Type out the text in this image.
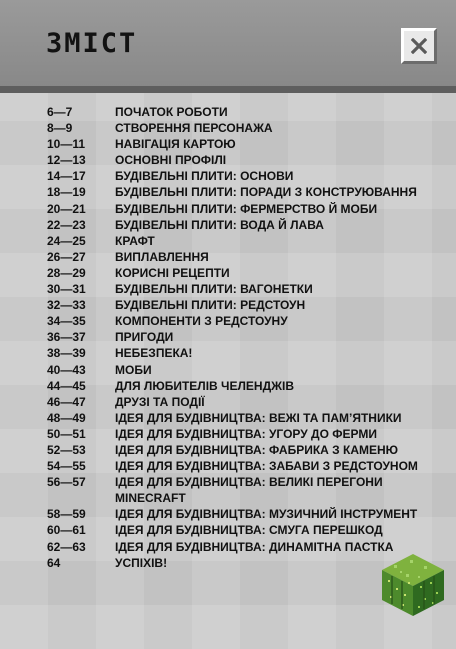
ЗМІСТ
6—7	ПОЧАТОК РОБОТИ
8—9	СТВОРЕННЯ ПЕРСОНАЖА
10—11	НАВІГАЦІЯ КАРТОЮ
12—13	ОСНОВНІ ПРОФІЛІ
14—17	БУДІВЕЛЬНІ ПЛИТИ: ОСНОВИ
18—19	БУДІВЕЛЬНІ ПЛИТИ: ПОРАДИ З КОНСТРУЮВАННЯ
20—21	БУДІВЕЛЬНІ ПЛИТИ: ФЕРМЕРСТВО Й МОБИ
22—23	БУДІВЕЛЬНІ ПЛИТИ: ВОДА Й ЛАВА
24—25	КРАФТ
26—27	ВИПЛАВЛЕННЯ
28—29	КОРИСНІ РЕЦЕПТИ
30—31	БУДІВЕЛЬНІ ПЛИТИ: ВАГОНЕТКИ
32—33	БУДІВЕЛЬНІ ПЛИТИ: РЕДСТОУН
34—35	КОМПОНЕНТИ З РЕДСТОУНУ
36—37	ПРИГОДИ
38—39	НЕБЕЗПЕКА!
40—43	МОБИ
44—45	ДЛЯ ЛЮБИТЕЛІВ ЧЕЛЕНДЖІВ
46—47	ДРУЗІ ТА ПОДІЇ
48—49	ІДЕЯ ДЛЯ БУДІВНИЦТВА: ВЕЖІ ТА ПАМ’ЯТНИКИ
50—51	ІДЕЯ ДЛЯ БУДІВНИЦТВА: УГОРУ ДО ФЕРМИ
52—53	ІДЕЯ ДЛЯ БУДІВНИЦТВА: ФАБРИКА З КАМЕНЮ
54—55	ІДЕЯ ДЛЯ БУДІВНИЦТВА: ЗАБАВИ З РЕДСТОУНОМ
56—57	ІДЕЯ ДЛЯ БУДІВНИЦТВА: ВЕЛИКІ ПЕРЕГОНИ MINECRAFT
58—59	ІДЕЯ ДЛЯ БУДІВНИЦТВА: МУЗИЧНИЙ ІНСТРУМЕНТ
60—61	ІДЕЯ ДЛЯ БУДІВНИЦТВА: СМУГА ПЕРЕШКОД
62—63	ІДЕЯ ДЛЯ БУДІВНИЦТВА: ДИНАМІТНА ПАСТКА
64	УСПІХІВ!
